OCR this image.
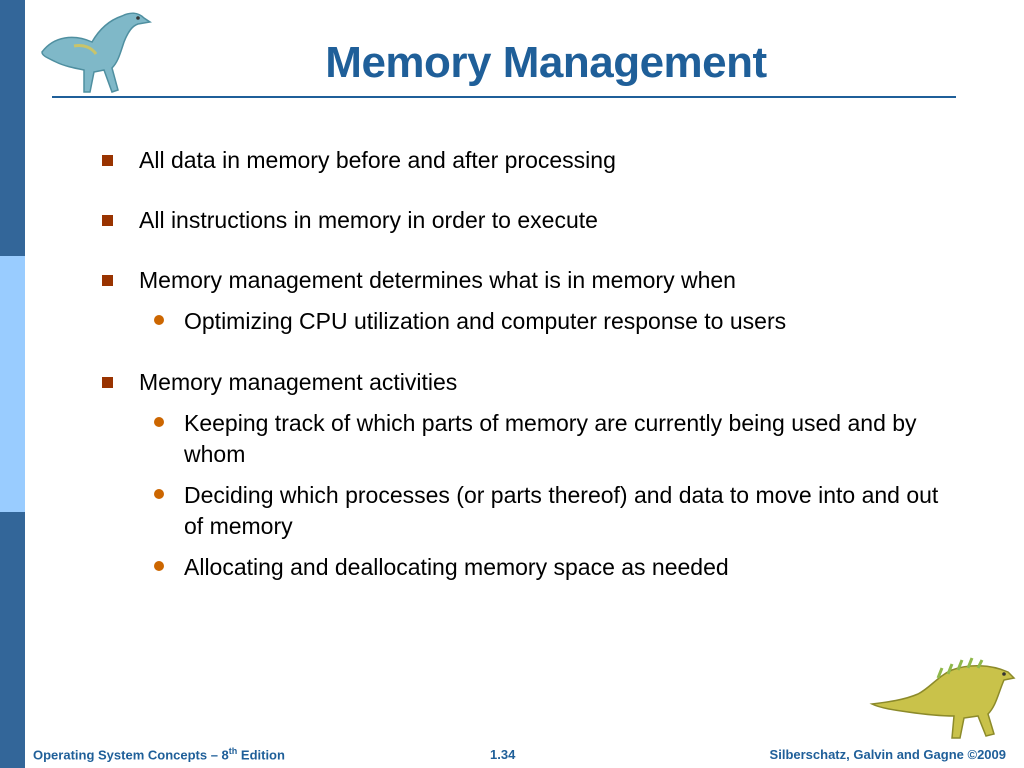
Memory Management
All data in memory before and after processing
All instructions in memory in order to execute
Memory management determines what is in memory when
Optimizing CPU utilization and computer response to users
Memory management activities
Keeping track of which parts of memory are currently being used and by whom
Deciding which processes (or parts thereof) and data to move into and out of memory
Allocating and deallocating memory space as needed
Operating System Concepts – 8th Edition	1.34	Silberschatz, Galvin and Gagne ©2009
